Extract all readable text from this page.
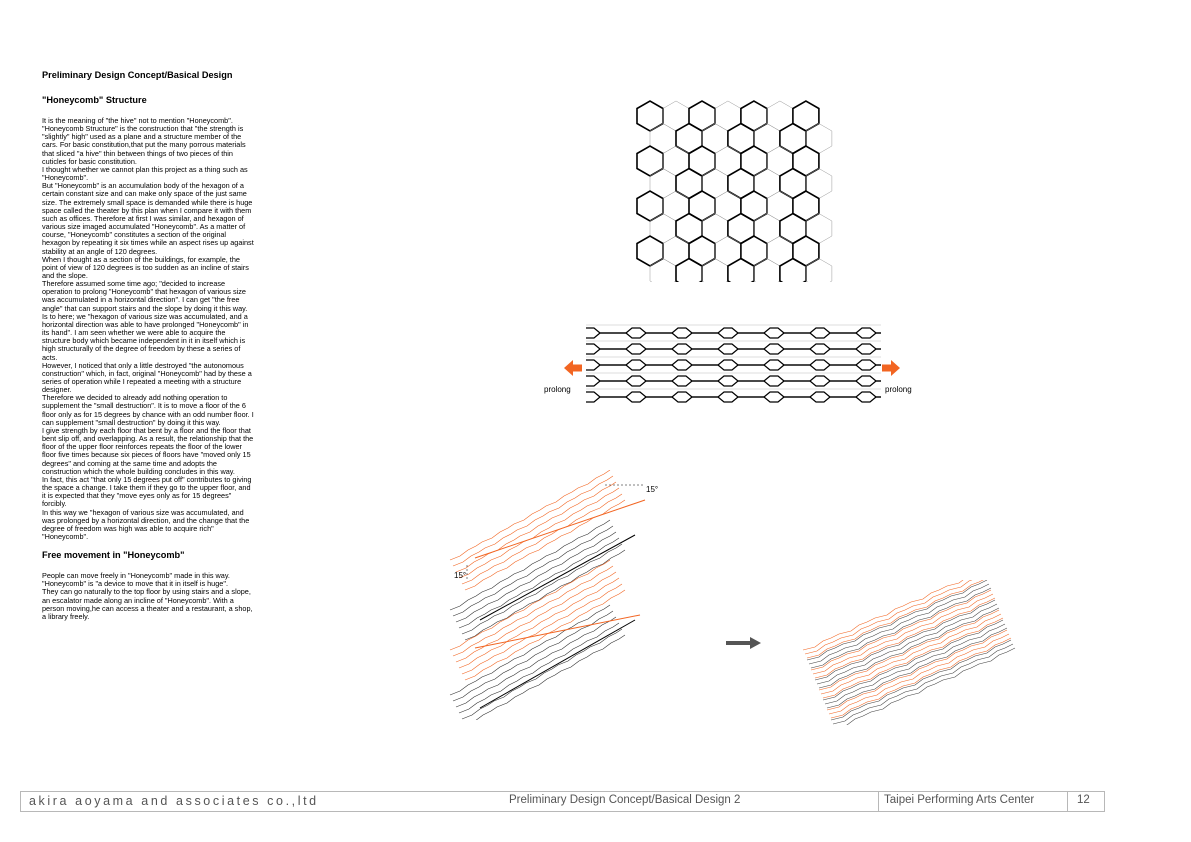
Preliminary Design Concept/Basical Design
"Honeycomb" Structure

It is the meaning of "the hive" not to mention "Honeycomb".
"Honeycomb Structure" is the construction that "the strength is
"slightly" high" used as a plane and a structure member of the
cars. For basic constitution,that put the many porrous materials
that sliced "a hive" thin between things of two pieces of thin
cuticles for basic constitution.
I thought whether we cannot plan this project as a thing such as
"Honeycomb".
But "Honeycomb" is an accumulation body of the hexagon of a
certain constant size and can make only space of the just same
size. The extremely small space is demanded while there is huge
space called the theater by this plan when I compare it with them
such as offices. Therefore at first I was similar, and hexagon of
various size imaged accumulated "Honeycomb". As a matter of
course, "Honeycomb" constitutes a section of the original
hexagon by repeating it six times while an aspect rises up against
stability at an angle of 120 degrees.
When I thought as a section of the buildings, for example, the
point of view of 120 degrees is too sudden as an incline of stairs
and the slope.
Therefore assumed some time ago; "decided to increase
operation to prolong "Honeycomb" that hexagon of various size
was accumulated in a horizontal direction". I can get "the free
angle" that can support stairs and the slope by doing it this way.
Is to here; we "hexagon of various size was accumulated, and a
horizontal direction was able to have prolonged "Honeycomb" in
its hand". I am seen whether we were able to acquire the
structure body which became independent in it in itself which is
high structurally of the degree of freedom by these a series of
acts.
However, I noticed that only a little destroyed "the autonomous
construction" which, in fact, original "Honeycomb" had by these a
series of operation while I repeated a meeting with a structure
designer.
Therefore we decided to already add nothing operation to
supplement the "small destruction". It is to move a floor of the 6
floor only as for 15 degrees by chance with an odd number floor. I
can supplement "small destruction" by doing it this way.
I give strength by each floor that bent by a floor and the floor that
bent slip off, and overlapping. As a result, the relationship that the
floor of the upper floor reinforces repeats the floor of the lower
floor five times because six pieces of floors have "moved only 15
degrees" and coming at the same time and adopts the
construction which the whole building concludes in this way.
In fact, this act "that only 15 degrees put off" contributes to giving
the space a change. I take them if they go to the upper floor, and
it is expected that they "move eyes only as for 15 degrees"
forcibly.
In this way we "hexagon of various size was accumulated, and
was prolonged by a horizontal direction, and the change that the
degree of freedom was high was able to acquire rich"
"Honeycomb".

Free movement in "Honeycomb"

People can move freely in "Honeycomb" made in this way.
"Honeycomb" is "a device to move that it in itself is huge".
They can go naturally to the top floor by using stairs and a slope,
an escalator made along an incline of "Honeycomb". With a
person moving,he can access a theater and a restaurant, a shop,
a library freely.

prolong	prolong
15°
15°
akira aoyama and associates co.,ltd	Preliminary Design Concept/Basical Design 2	Taipei Performing Arts Center	12
